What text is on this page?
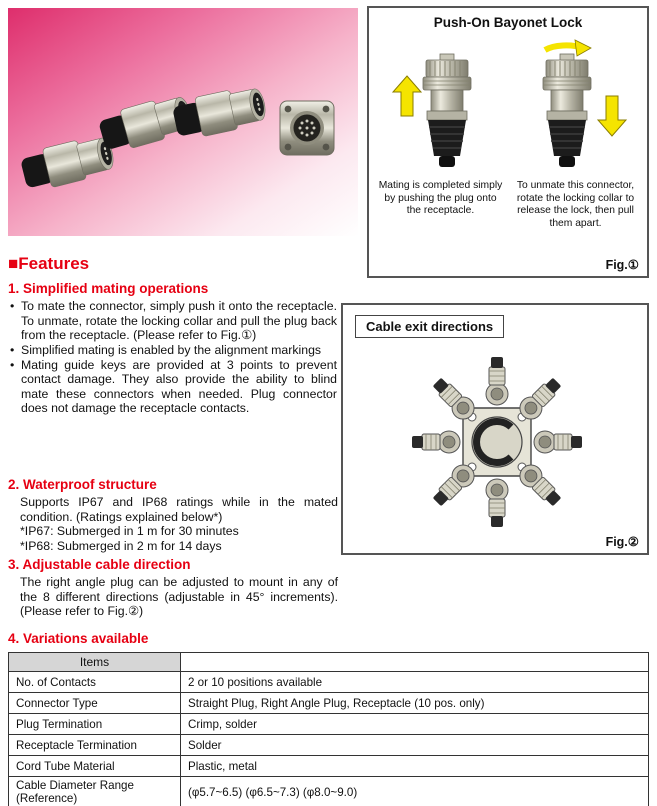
Push-On Bayonet Lock
Mating is completed simply by pushing the plug onto the receptacle.
To unmate this connector, rotate the locking collar to release the lock, then pull them apart.
Fig.①
Cable exit directions
Fig.②
■Features
1. Simplified mating operations
• To mate the connector, simply push it onto the receptacle. To unmate, rotate the locking collar and pull the plug back from the receptacle. (Please refer to Fig.①)
• Simplified mating is enabled by the alignment markings
• Mating guide keys are provided at 3 points to prevent contact damage. They also provide the ability to blind mate these connectors when needed. Plug connector does not damage the receptacle contacts.
2. Waterproof structure
Supports IP67 and IP68 ratings while in the mated condition. (Ratings explained below*)
*IP67: Submerged in 1 m for 30 minutes
*IP68: Submerged in 2 m for 14 days
3. Adjustable cable direction
The right angle plug can be adjusted to mount in any of the 8 different directions (adjustable in 45° increments). (Please refer to Fig.②)
4. Variations available
Items	
No. of Contacts	2 or 10 positions available
Connector Type	Straight Plug, Right Angle Plug, Receptacle (10 pos. only)
Plug Termination	Crimp, solder
Receptacle Termination	Solder
Cord Tube Material	Plastic, metal
Cable Diameter Range (Reference)	(φ5.7~6.5) (φ6.5~7.3) (φ8.0~9.0)
